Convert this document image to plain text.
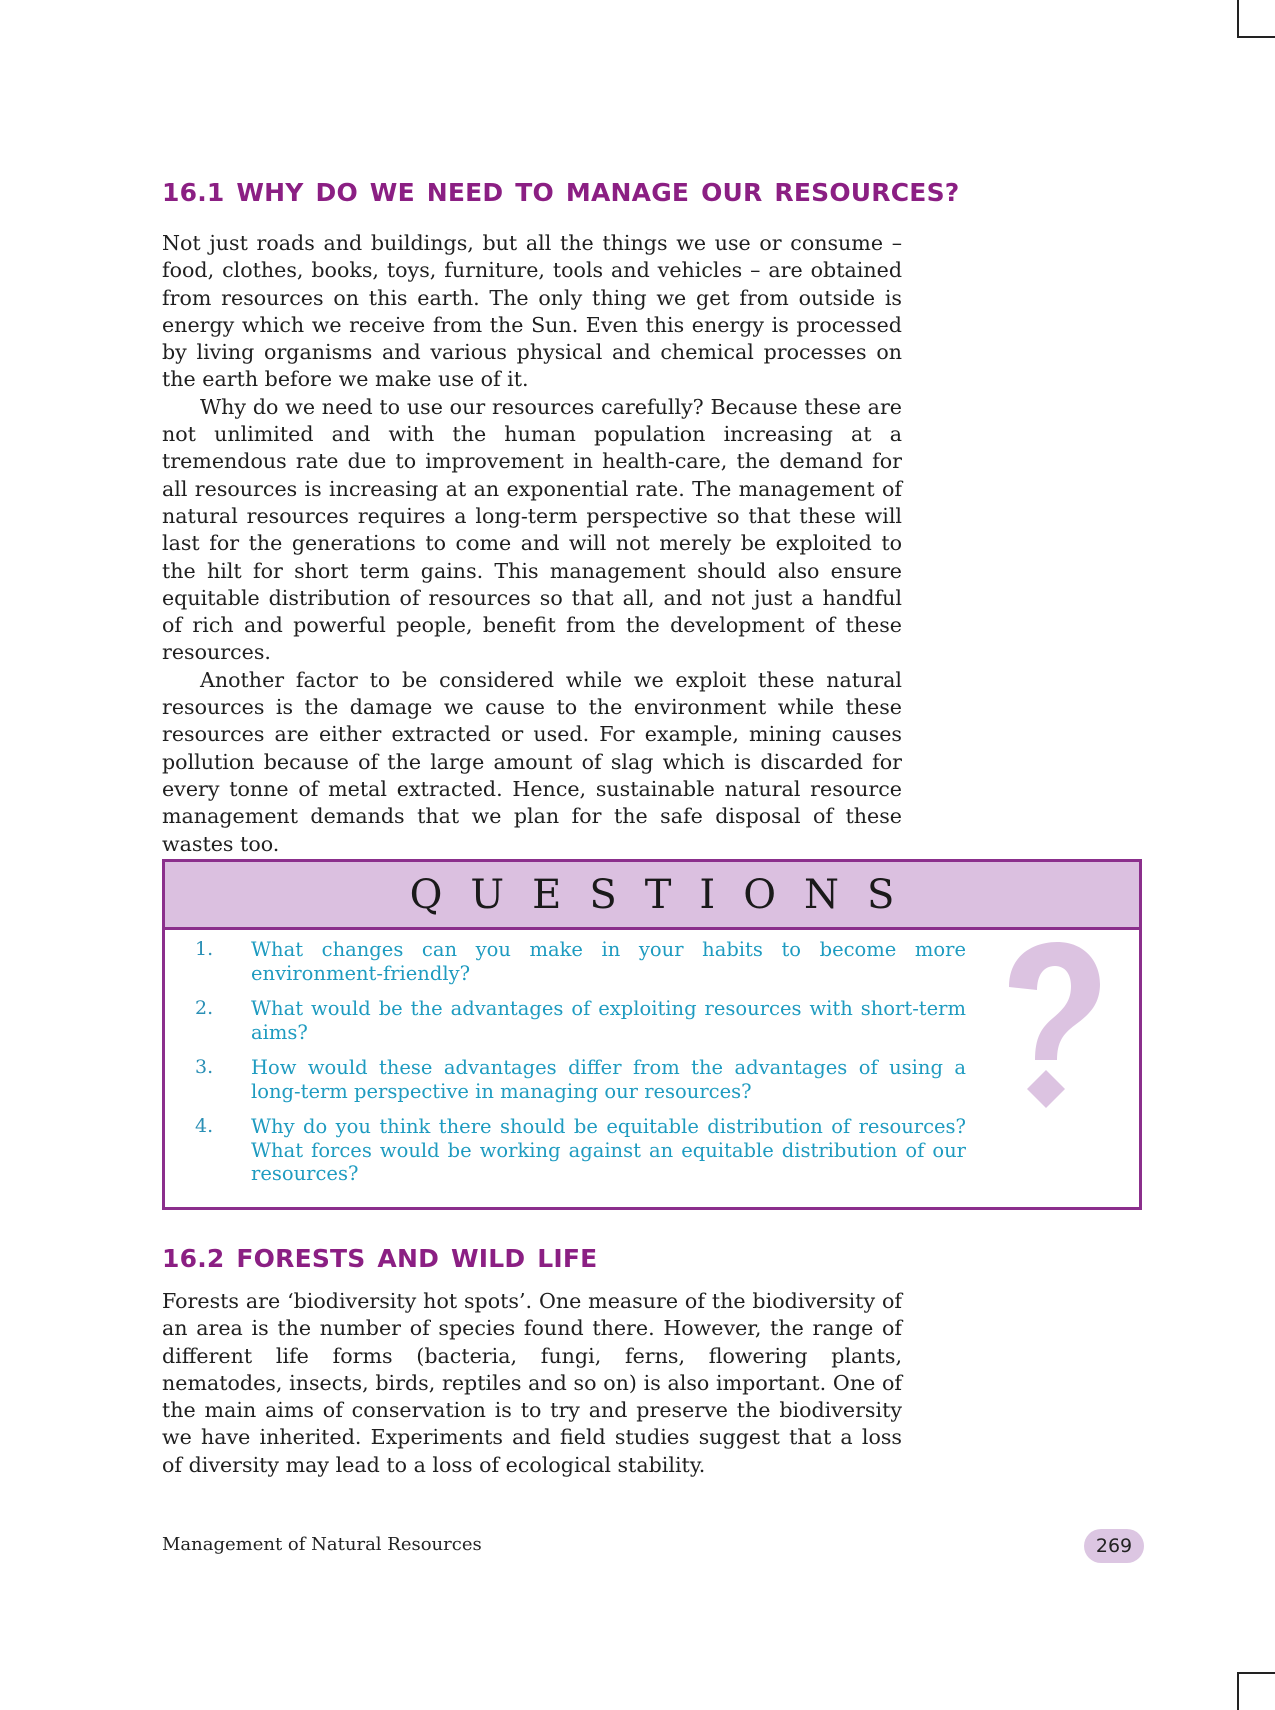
16.1 WHY DO WE NEED TO MANAGE OUR RESOURCES?

Not just roads and buildings, but all the things we use or consume – food, clothes, books, toys, furniture, tools and vehicles – are obtained from resources on this earth. The only thing we get from outside is energy which we receive from the Sun. Even this energy is processed by living organisms and various physical and chemical processes on the earth before we make use of it.

Why do we need to use our resources carefully? Because these are not unlimited and with the human population increasing at a tremendous rate due to improvement in health-care, the demand for all resources is increasing at an exponential rate. The management of natural resources requires a long-term perspective so that these will last for the generations to come and will not merely be exploited to the hilt for short term gains. This management should also ensure equitable distribution of resources so that all, and not just a handful of rich and powerful people, benefit from the development of these resources.

Another factor to be considered while we exploit these natural resources is the damage we cause to the environment while these resources are either extracted or used. For example, mining causes pollution because of the large amount of slag which is discarded for every tonne of metal extracted. Hence, sustainable natural resource management demands that we plan for the safe disposal of these wastes too.

QUESTIONS
1.	What changes can you make in your habits to become more environment-friendly?
2.	What would be the advantages of exploiting resources with short-term aims?
3.	How would these advantages differ from the advantages of using a long-term perspective in managing our resources?
4.	Why do you think there should be equitable distribution of resources? What forces would be working against an equitable distribution of our resources?
16.2 FORESTS AND WILD LIFE

Forests are ‘biodiversity hot spots’. One measure of the biodiversity of an area is the number of species found there. However, the range of different life forms (bacteria, fungi, ferns, flowering plants, nematodes, insects, birds, reptiles and so on) is also important. One of the main aims of conservation is to try and preserve the biodiversity we have inherited. Experiments and field studies suggest that a loss of diversity may lead to a loss of ecological stability.

Management of Natural Resources	269
